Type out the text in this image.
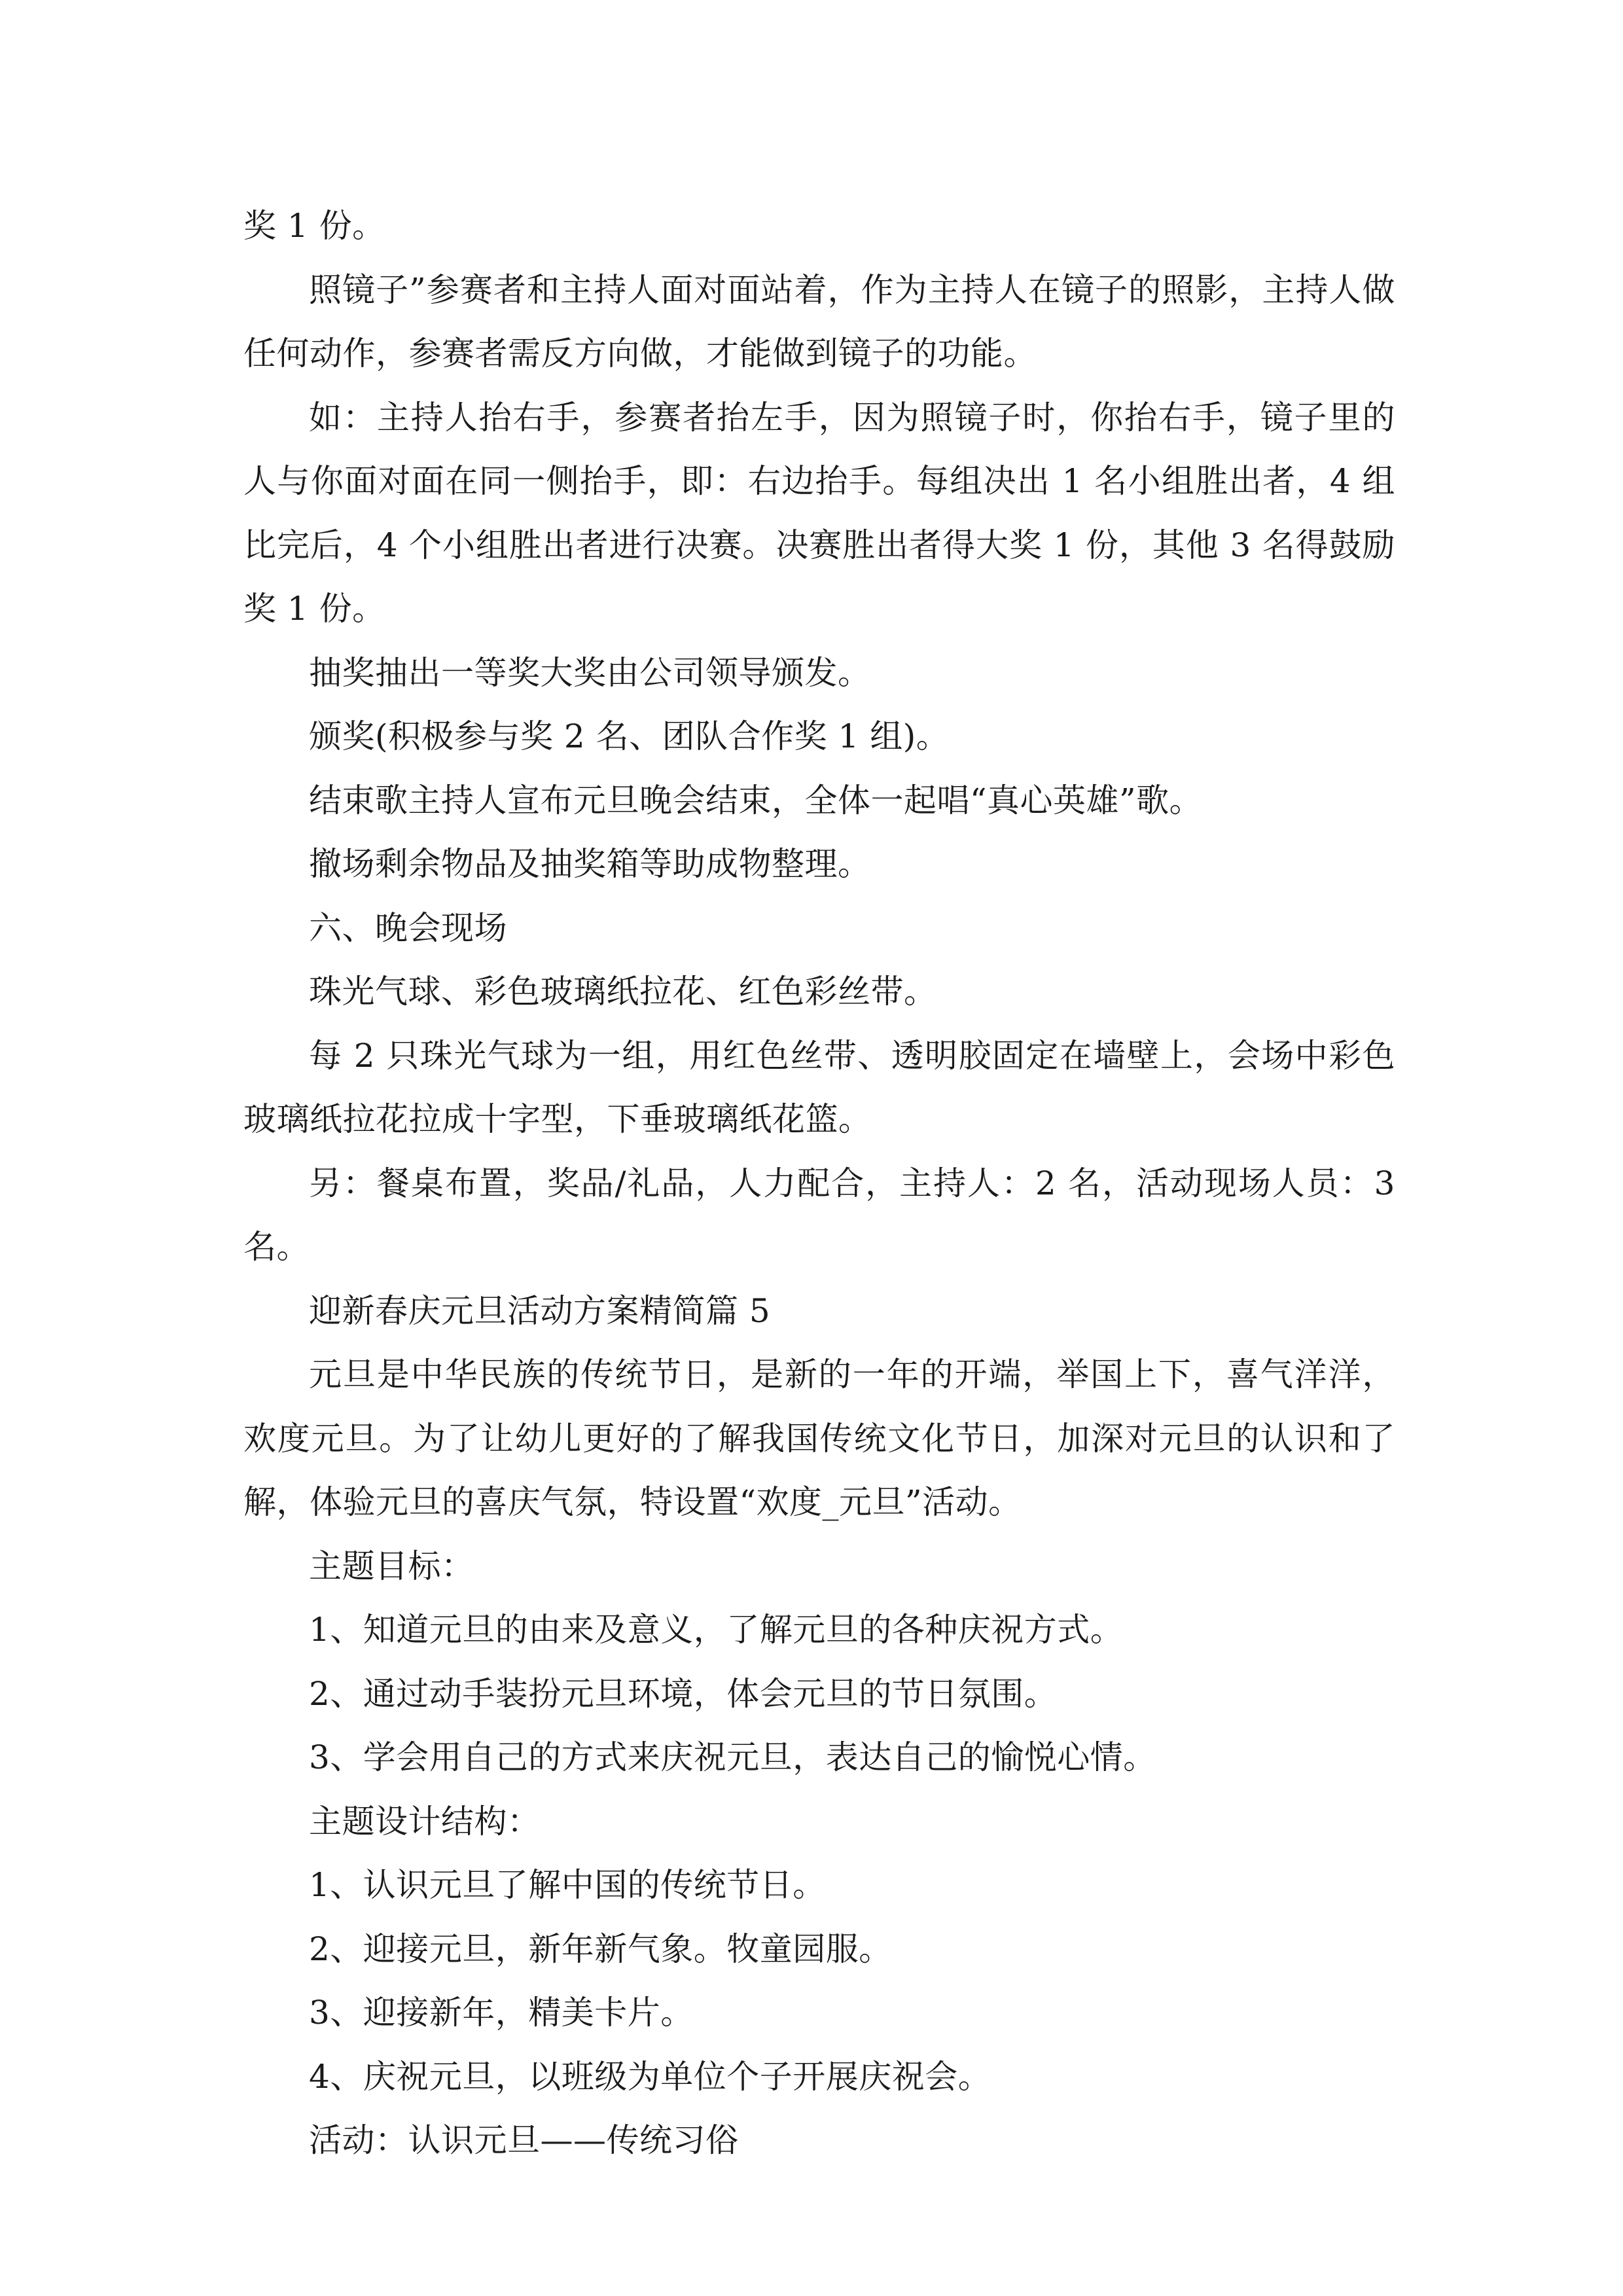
奖 1 份。

照镜子”参赛者和主持人面对面站着，作为主持人在镜子的照影，主持人做任何动作，参赛者需反方向做，才能做到镜子的功能。

如：主持人抬右手，参赛者抬左手，因为照镜子时，你抬右手，镜子里的人与你面对面在同一侧抬手，即：右边抬手。每组决出 1 名小组胜出者，4 组比完后，4 个小组胜出者进行决赛。决赛胜出者得大奖 1 份，其他 3 名得鼓励奖 1 份。

抽奖抽出一等奖大奖由公司领导颁发。

颁奖(积极参与奖 2 名、团队合作奖 1 组)。

结束歌主持人宣布元旦晚会结束，全体一起唱“真心英雄”歌。

撤场剩余物品及抽奖箱等助成物整理。

六、晚会现场

珠光气球、彩色玻璃纸拉花、红色彩丝带。

每 2 只珠光气球为一组，用红色丝带、透明胶固定在墙壁上，会场中彩色玻璃纸拉花拉成十字型，下垂玻璃纸花篮。

另：餐桌布置，奖品/礼品，人力配合，主持人：2 名，活动现场人员：3 名。

迎新春庆元旦活动方案精简篇 5

元旦是中华民族的传统节日，是新的一年的开端，举国上下，喜气洋洋，欢度元旦。为了让幼儿更好的了解我国传统文化节日，加深对元旦的认识和了解，体验元旦的喜庆气氛，特设置“欢度_元旦”活动。

主题目标：

1、知道元旦的由来及意义，了解元旦的各种庆祝方式。

2、通过动手装扮元旦环境，体会元旦的节日氛围。

3、学会用自己的方式来庆祝元旦，表达自己的愉悦心情。

主题设计结构：

1、认识元旦了解中国的传统节日。

2、迎接元旦，新年新气象。牧童园服。

3、迎接新年，精美卡片。

4、庆祝元旦，以班级为单位个子开展庆祝会。

活动：认识元旦——传统习俗
